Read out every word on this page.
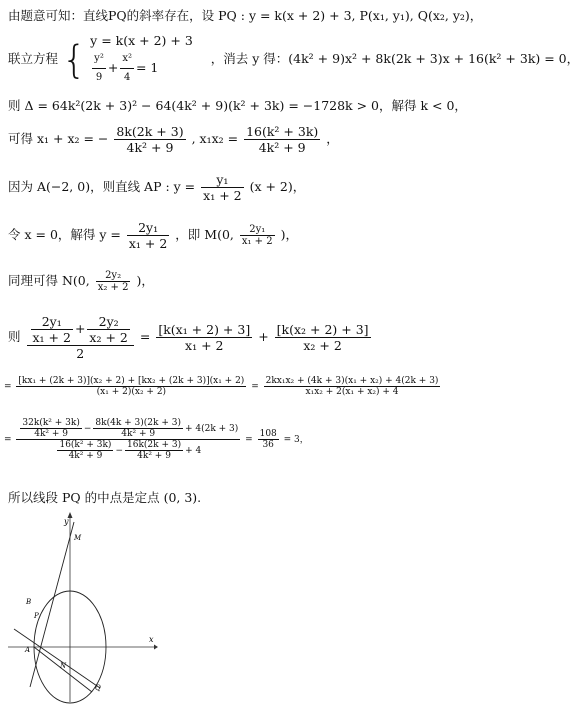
由题意可知：直线PQ的斜率存在，设 PQ : y = k(x + 2) + 3, P(x₁, y₁), Q(x₂, y₂)，
联立方程 { y = k(x + 2) + 3
$\frac{\text{y²}}{9} + \frac{\text{x²}}{4} = 1$
，消去 y 得：(4k² + 9)x² + 8k(2k + 3)x + 16(k² + 3k) = 0，
则 Δ = 64k²(2k + 3)² − 64(4k² + 9)(k² + 3k) = −1728k > 0，解得 k < 0，
可得 x₁ + x₂ = − $\frac{8k(2k + 3)}{\text{4k² + 9}}$ , $x_1x_2 = \frac{\text{16(k² + 3k)}}{\text{4k² + 9}}$ ，
因为 A(−2, 0)，则直线 AP : $y = \frac{\text{y₁}}{\text{x₁ + 2}} (x + 2)$，
令 x = 0，解得 $y = \frac{\text{2y₁}}{\text{x₁ + 2}}$ ，即 M(0, $\frac{\text{2y₁}}{\text{x₁ + 2}}$ )，
同理可得 N(0, $\frac{\text{2y₂}}{\text{x₂ + 2}}$ )，
则 $\frac{\frac{\text{2y₁}}{\text{x₁ + 2}} + \frac{\text{2y₂}}{\text{x₂ + 2}}}{2} = \frac{\text{[k(x₁ + 2) + 3]}}{\text{x₁ + 2}} + \frac{\text{[k(x₂ + 2) + 3]}}{\text{x₂ + 2}}$
= $\frac{\text{[kx₁ + (2k + 3)](x₂ + 2) + [kx₂ + (2k + 3)](x₁ + 2)}}{\text{(x₁ + 2)(x₂ + 2)}} = \frac{\text{2kx₁x₂ + (4k + 3)(x₁ + x₂) + 4(2k + 3)}}{\text{x₁x₂ + 2(x₁ + x₂) + 4}}$
= $\frac{\frac{\text{32k(k² + 3k)}}{\text{4k² + 9}} - \frac{8k(4k + 3)(2k + 3)}{\text{4k² + 9}} + 4(2k + 3)}{\frac{\text{16(k² + 3k)}}{\text{4k² + 9}} - \frac{16k(2k + 3)}{\text{4k² + 9}} + 4} = \frac{108}{36} = 3$，
所以线段 PQ 的中点是定点 (0, 3).
y
x
M
B
P
A
N
Q
